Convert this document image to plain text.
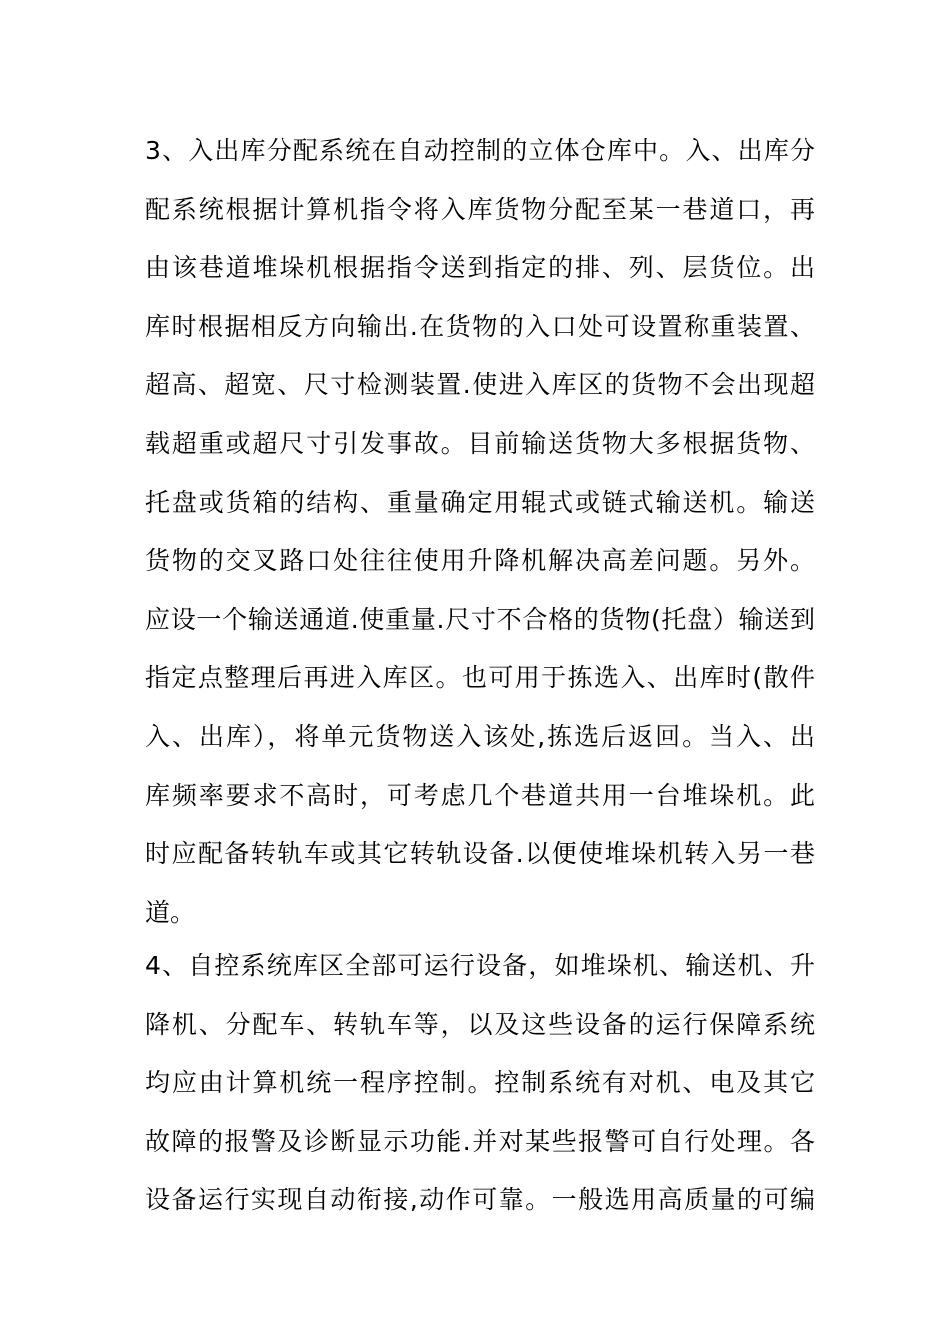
3、入出库分配系统在自动控制的立体仓库中。入、出库分
配系统根据计算机指令将入库货物分配至某一巷道口，再
由该巷道堆垛机根据指令送到指定的排、列、层货位。出
库时根据相反方向输出.在货物的入口处可设置称重装置、
超高、超宽、尺寸检测装置.使进入库区的货物不会出现超
载超重或超尺寸引发事故。目前输送货物大多根据货物、
托盘或货箱的结构、重量确定用辊式或链式输送机。输送
货物的交叉路口处往往使用升降机解决高差问题。另外。
应设一个输送通道.使重量.尺寸不合格的货物(托盘）输送到
指定点整理后再进入库区。也可用于拣选入、出库时(散件
入、出库），将单元货物送入该处,拣选后返回。当入、出
库频率要求不高时，可考虑几个巷道共用一台堆垛机。此
时应配备转轨车或其它转轨设备.以便使堆垛机转入另一巷
道。
4、自控系统库区全部可运行设备，如堆垛机、输送机、升
降机、分配车、转轨车等，以及这些设备的运行保障系统
均应由计算机统一程序控制。控制系统有对机、电及其它
故障的报警及诊断显示功能.并对某些报警可自行处理。各
设备运行实现自动衔接,动作可靠。一般选用高质量的可编
